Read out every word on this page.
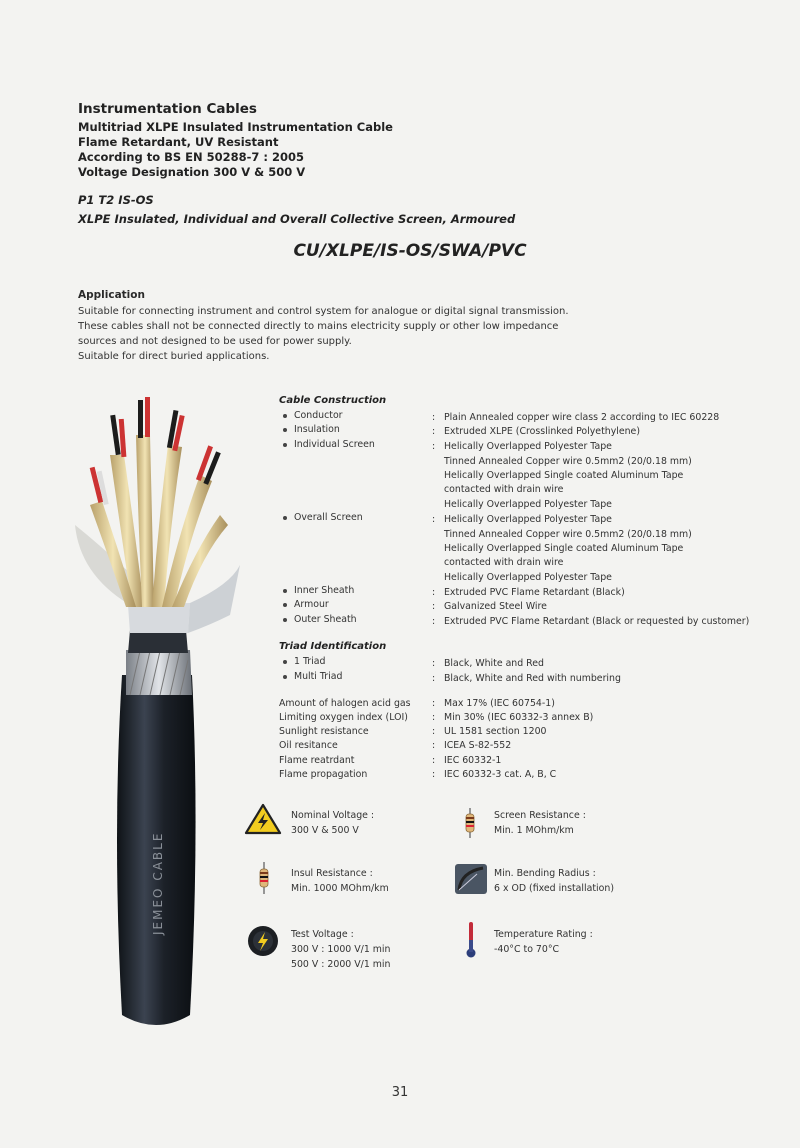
Instrumentation Cables
Multitriad XLPE Insulated Instrumentation Cable
Flame Retardant, UV Resistant
According to BS EN 50288-7 : 2005
Voltage Designation 300 V & 500 V
P1 T2 IS-OS
XLPE Insulated, Individual and Overall Collective Screen, Armoured
CU/XLPE/IS-OS/SWA/PVC
Application
Suitable for connecting instrument and control system for analogue or digital signal transmission.
These cables shall not be connected directly to mains electricity supply or other low impedance
sources and not designed to be used for power supply.
Suitable for direct buried applications.
JEMEO CABLE
Cable Construction
Conductor	: Plain Annealed copper wire class 2 according to IEC 60228
Insulation	: Extruded XLPE (Crosslinked Polyethylene)
Individual Screen	: Helically Overlapped Polyester Tape
Tinned Annealed Copper wire 0.5mm2 (20/0.18 mm)
Helically Overlapped Single coated Aluminum Tape
contacted with drain wire
Helically Overlapped Polyester Tape
Overall Screen	: Helically Overlapped Polyester Tape
Tinned Annealed Copper wire 0.5mm2 (20/0.18 mm)
Helically Overlapped Single coated Aluminum Tape
contacted with drain wire
Helically Overlapped Polyester Tape
Inner Sheath	: Extruded PVC Flame Retardant (Black)
Armour	: Galvanized Steel Wire
Outer Sheath	: Extruded PVC Flame Retardant (Black or requested by customer)
Triad Identification
1 Triad	: Black, White and Red
Multi Triad	: Black, White and Red with numbering
Amount of halogen acid gas : Max 17% (IEC 60754-1)
Limiting oxygen index (LOI)	: Min 30% (IEC 60332-3 annex B)
Sunlight resistance	: UL 1581 section 1200
Oil resitance	: ICEA S-82-552
Flame reatrdant	: IEC 60332-1
Flame propagation	: IEC 60332-3 cat. A, B, C
Nominal Voltage :
300 V & 500 V
Screen Resistance :
Min. 1 MOhm/km
Insul Resistance :
Min. 1000 MOhm/km
Min. Bending Radius :
6 x OD (fixed installation)
Test Voltage :
300 V : 1000 V/1 min
500 V : 2000 V/1 min
Temperature Rating :
-40°C to 70°C
31
